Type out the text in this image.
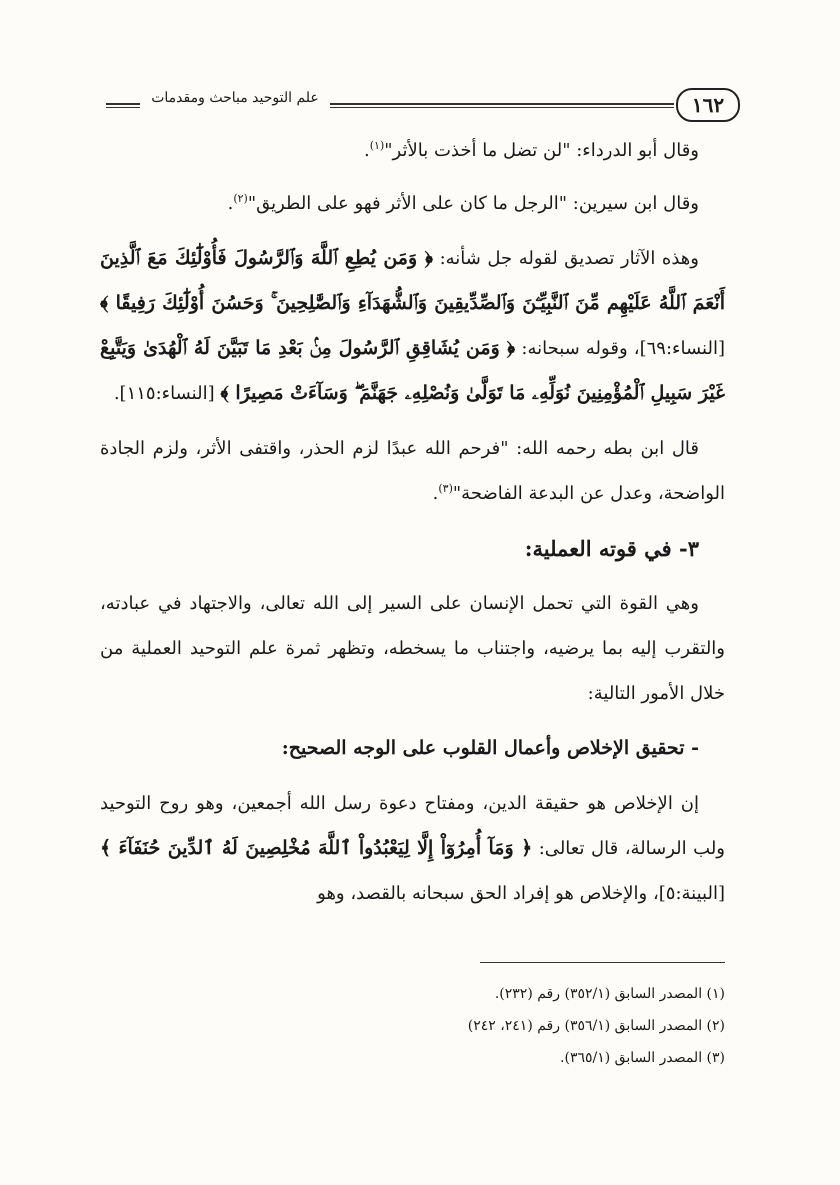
١٦٢
علم التوحيد مباحث ومقدمات

وقال أبو الدرداء: "لن تضل ما أخذت بالأثر"$^{(١)}$.

وقال ابن سيرين: "الرجل ما كان على الأثر فهو على الطريق"$^{(٢)}$.

وهذه الآثار تصديق لقوله جل شأنه: ﴿ وَمَن يُطِعِ ٱللَّهَ وَٱلرَّسُولَ فَأُوْلَٰٓئِكَ مَعَ ٱلَّذِينَ أَنْعَمَ ٱللَّهُ عَلَيْهِم مِّنَ ٱلنَّبِيِّـۧنَ وَٱلصِّدِّيقِينَ وَٱلشُّهَدَآءِ وَٱلصَّٰلِحِينَ ۚ وَحَسُنَ أُوْلَٰٓئِكَ رَفِيقًا ﴾ [النساء:٦٩]، وقوله سبحانه: ﴿ وَمَن يُشَاقِقِ ٱلرَّسُولَ مِنۢ بَعْدِ مَا تَبَيَّنَ لَهُ ٱلْهُدَىٰ وَيَتَّبِعْ غَيْرَ سَبِيلِ ٱلْمُؤْمِنِينَ نُوَلِّهِۦ مَا تَوَلَّىٰ وَنُصْلِهِۦ جَهَنَّمَ ۖ وَسَآءَتْ مَصِيرًا ﴾ [النساء:١١٥].

قال ابن بطه رحمه الله: "فرحم الله عبدًا لزم الحذر، واقتفى الأثر، ولزم الجادة الواضحة، وعدل عن البدعة الفاضحة"$^{(٣)}$.

٣- في قوته العملية:

وهي القوة التي تحمل الإنسان على السير إلى الله تعالى، والاجتهاد في عبادته، والتقرب إليه بما يرضيه، واجتناب ما يسخطه، وتظهر ثمرة علم التوحيد العملية من خلال الأمور التالية:

- تحقيق الإخلاص وأعمال القلوب على الوجه الصحيح:

إن الإخلاص هو حقيقة الدين، ومفتاح دعوة رسل الله أجمعين، وهو روح التوحيد ولب الرسالة، قال تعالى: ﴿ وَمَآ أُمِرُوٓاْ إِلَّا لِيَعْبُدُواْ ٱللَّهَ مُخْلِصِينَ لَهُ ٱلدِّينَ حُنَفَآءَ ﴾ [البينة:٥]، والإخلاص هو إفراد الحق سبحانه بالقصد، وهو

(١) المصدر السابق (٣٥٢/١) رقم (٢٣٢).
(٢) المصدر السابق (٣٥٦/١) رقم (٢٤١، ٢٤٢)
(٣) المصدر السابق (٣٦٥/١).
